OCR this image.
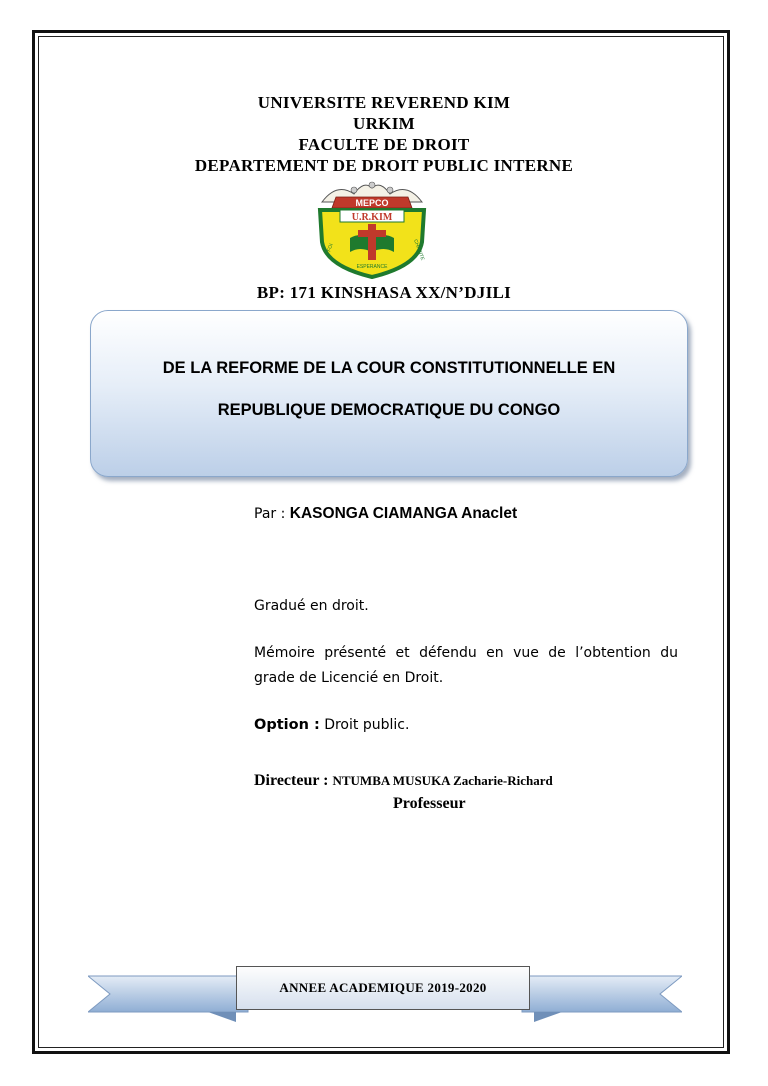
UNIVERSITE REVEREND KIM
URKIM
FACULTE DE DROIT
DEPARTEMENT DE DROIT PUBLIC INTERNE
MEPCO
U.R.KIM
FOI
ESPERANCE
CHARITE
BP: 171 KINSHASA XX/N’DJILI
DE LA REFORME DE LA COUR CONSTITUTIONNELLE EN
REPUBLIQUE DEMOCRATIQUE DU CONGO
Par : KASONGA CIAMANGA Anaclet
Gradué en droit.
Mémoire présenté et défendu en vue de l’obtention du grade de Licencié en Droit.
Option : Droit public.
Directeur : NTUMBA MUSUKA Zacharie-Richard
Professeur
ANNEE ACADEMIQUE 2019-2020
